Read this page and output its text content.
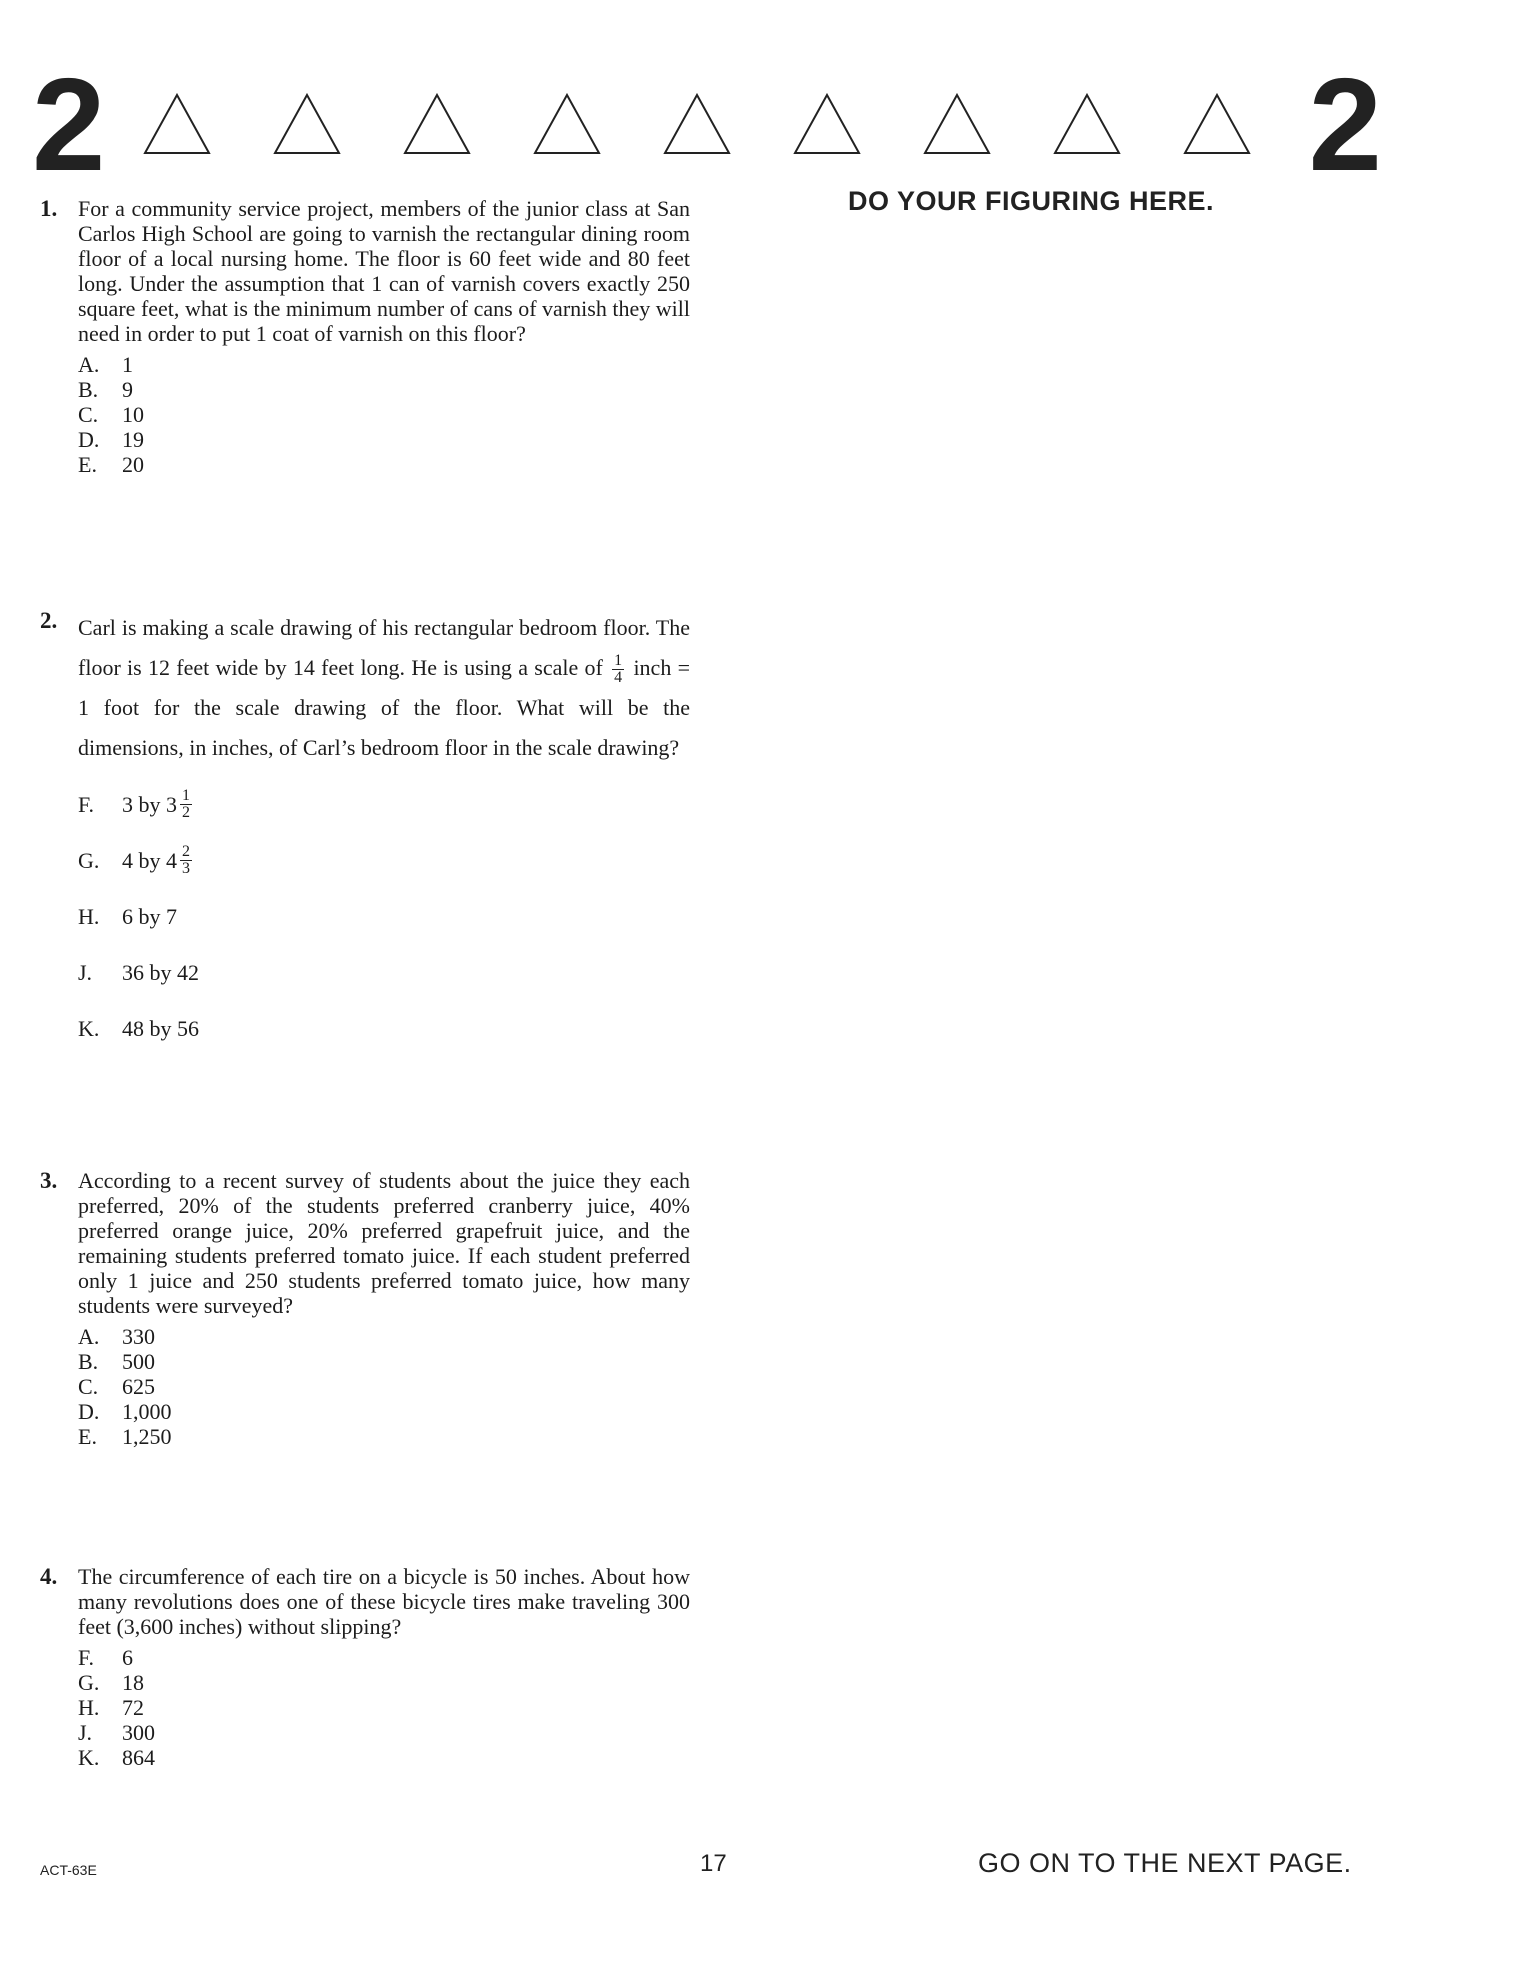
2	2
DO YOUR FIGURING HERE.
1. For a community service project, members of the junior class at San Carlos High School are going to varnish the rectangular dining room floor of a local nursing home. The floor is 60 feet wide and 80 feet long. Under the assumption that 1 can of varnish covers exactly 250 square feet, what is the minimum number of cans of varnish they will need in order to put 1 coat of varnish on this floor?
A.	1
B.	9
C.	10
D.	19
E.	20
2. Carl is making a scale drawing of his rectangular bedroom floor. The floor is 12 feet wide by 14 feet long. He is using a scale of $\frac{1}{4}$ inch = 1 foot for the scale drawing of the floor. What will be the dimensions, in inches, of Carl’s bedroom floor in the scale drawing?
F.	3 by $3 \frac{1}{2}$
G.	4 by $4 \frac{2}{3}$
H.	6 by 7
J.	36 by 42
K.	48 by 56
3. According to a recent survey of students about the juice they each preferred, 20% of the students preferred cranberry juice, 40% preferred orange juice, 20% preferred grapefruit juice, and the remaining students preferred tomato juice. If each student preferred only 1 juice and 250 students preferred tomato juice, how many students were surveyed?
A.	330
B.	500
C.	625
D.	1,000
E.	1,250
4. The circumference of each tire on a bicycle is 50 inches. About how many revolutions does one of these bicycle tires make traveling 300 feet (3,600 inches) without slipping?
F.	6
G.	18
H.	72
J.	300
K.	864
ACT-63E	17	GO ON TO THE NEXT PAGE.
